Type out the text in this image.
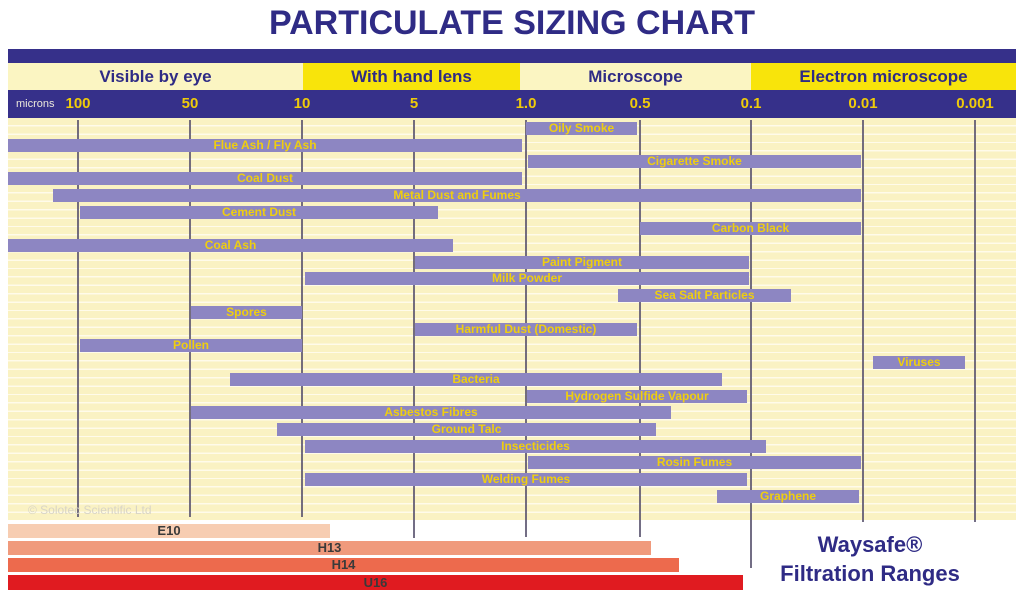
PARTICULATE SIZING CHART
Visible by eye	With hand lens	Microscope	Electron microscope
microns 100	50	10	5	1.0	0.5	0.1	0.01	0.001
Oily Smoke
Flue Ash / Fly Ash
Cigarette Smoke
Coal Dust
Metal Dust and Fumes
Cement Dust
Carbon Black
Coal Ash
Paint Pigment
Milk Powder
Sea Salt Particles
Spores
Harmful Dust (Domestic)
Pollen
Viruses
Bacteria
Hydrogen Sulfide Vapour
Asbestos Fibres
Ground Talc
Insecticides
Rosin Fumes
Welding Fumes
Graphene
© Solotec Scientific Ltd
E10
H13
H14
U16
Waysafe®
Filtration Ranges
